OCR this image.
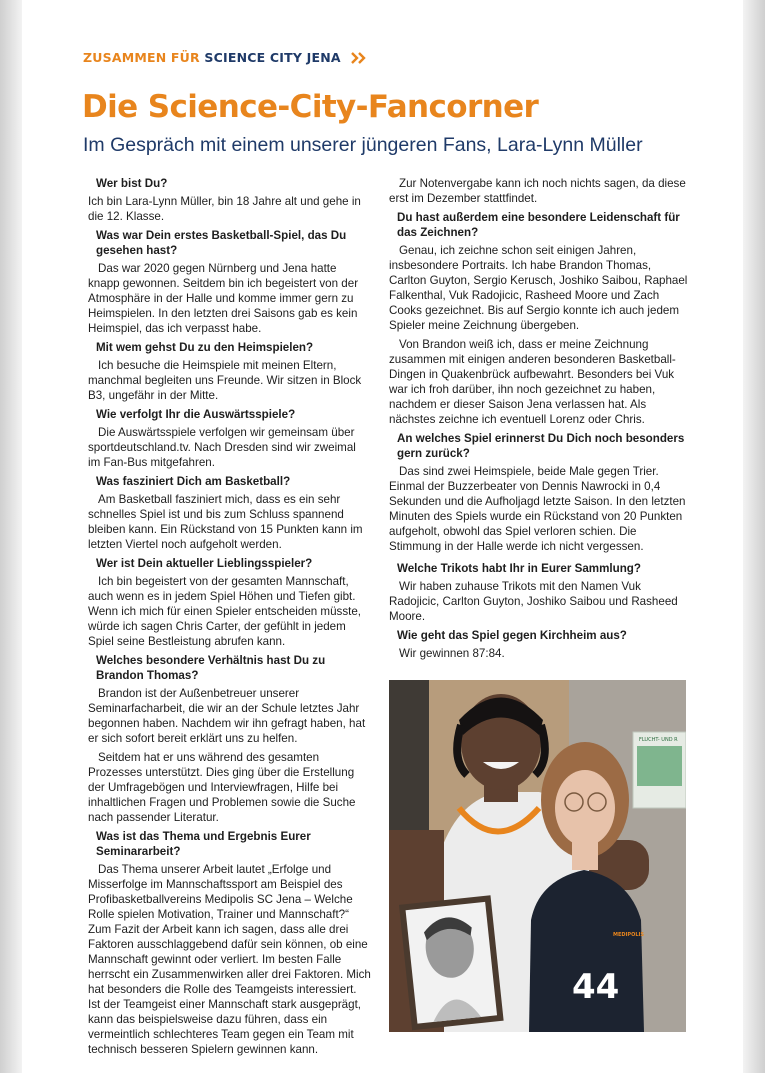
ZUSAMMEN FÜR SCIENCE CITY JENA
Die Science-City-Fancorner
Im Gespräch mit einem unserer jüngeren Fans, Lara-Lynn Müller
Wer bist Du?

Ich bin Lara-Lynn Müller, bin 18 Jahre alt und gehe in die 12. Klasse.

Was war Dein erstes Basketball-Spiel, das Du gesehen hast?

Das war 2020 gegen Nürnberg und Jena hatte knapp gewonnen. Seitdem bin ich begeistert von der Atmosphäre in der Halle und komme immer gern zu Heimspielen. In den letzten drei Saisons gab es kein Heimspiel, das ich verpasst habe.

Mit wem gehst Du zu den Heimspielen?

Ich besuche die Heimspiele mit meinen Eltern, manchmal begleiten uns Freunde. Wir sitzen in Block B3, ungefähr in der Mitte.

Wie verfolgt Ihr die Auswärtsspiele?

Die Auswärtsspiele verfolgen wir gemeinsam über sportdeutschland.tv. Nach Dresden sind wir zweimal im Fan-Bus mitgefahren.

Was fasziniert Dich am Basketball?

Am Basketball fasziniert mich, dass es ein sehr schnelles Spiel ist und bis zum Schluss spannend bleiben kann. Ein Rückstand von 15 Punkten kann im letzten Viertel noch aufgeholt werden.

Wer ist Dein aktueller Lieblingsspieler?

Ich bin begeistert von der gesamten Mannschaft, auch wenn es in jedem Spiel Höhen und Tiefen gibt. Wenn ich mich für einen Spieler entscheiden müsste, würde ich sagen Chris Carter, der gefühlt in jedem Spiel seine Bestleistung abrufen kann.

Welches besondere Verhältnis hast Du zu Brandon Thomas?

Brandon ist der Außenbetreuer unserer Seminarfacharbeit, die wir an der Schule letztes Jahr begonnen haben. Nachdem wir ihn gefragt haben, hat er sich sofort bereit erklärt uns zu helfen.

Seitdem hat er uns während des gesamten Prozesses unterstützt. Dies ging über die Erstellung der Umfragebögen und Interviewfragen, Hilfe bei inhaltlichen Fragen und Problemen sowie die Suche nach passender Literatur.

Was ist das Thema und Ergebnis Eurer Seminararbeit?

Das Thema unserer Arbeit lautet „Erfolge und Misserfolge im Mannschaftssport am Beispiel des Profibasketballvereins Medipolis SC Jena – Welche Rolle spielen Motivation, Trainer und Mannschaft?“ Zum Fazit der Arbeit kann ich sagen, dass alle drei Faktoren ausschlaggebend dafür sein können, ob eine Mannschaft gewinnt oder verliert. Im besten Falle herrscht ein Zusammenwirken aller drei Faktoren. Mich hat besonders die Rolle des Teamgeists interessiert. Ist der Teamgeist einer Mannschaft stark ausgeprägt, kann das beispielsweise dazu führen, dass ein vermeintlich schlechteres Team gegen ein Team mit technisch besseren Spielern gewinnen kann.

Zur Notenvergabe kann ich noch nichts sagen, da diese erst im Dezember stattfindet.

Du hast außerdem eine besondere Leidenschaft für das Zeichnen?

Genau, ich zeichne schon seit einigen Jahren, insbesondere Portraits. Ich habe Brandon Thomas, Carlton Guyton, Sergio Kerusch, Joshiko Saibou, Raphael Falkenthal, Vuk Radojicic, Rasheed Moore und Zach Cooks gezeichnet. Bis auf Sergio konnte ich auch jedem Spieler meine Zeichnung übergeben.

Von Brandon weiß ich, dass er meine Zeichnung zusammen mit einigen anderen besonderen Basketball-Dingen in Quakenbrück aufbewahrt. Besonders bei Vuk war ich froh darüber, ihn noch gezeichnet zu haben, nachdem er dieser Saison Jena verlassen hat. Als nächstes zeichne ich eventuell Lorenz oder Chris.

An welches Spiel erinnerst Du Dich noch besonders gern zurück?

Das sind zwei Heimspiele, beide Male gegen Trier. Einmal der Buzzerbeater von Dennis Nawrocki in 0,4 Sekunden und die Aufholjagd letzte Saison. In den letzten Minuten des Spiels wurde ein Rückstand von 20 Punkten aufgeholt, obwohl das Spiel verloren schien. Die Stimmung in der Halle werde ich nicht vergessen.

Welche Trikots habt Ihr in Eurer Sammlung?

Wir haben zuhause Trikots mit den Namen Vuk Radojicic, Carlton Guyton, Joshiko Saibou und Rasheed Moore.

Wie geht das Spiel gegen Kirchheim aus?

Wir gewinnen 87:84.

FLUCHT- UND R
44
MEDIPOLIS
